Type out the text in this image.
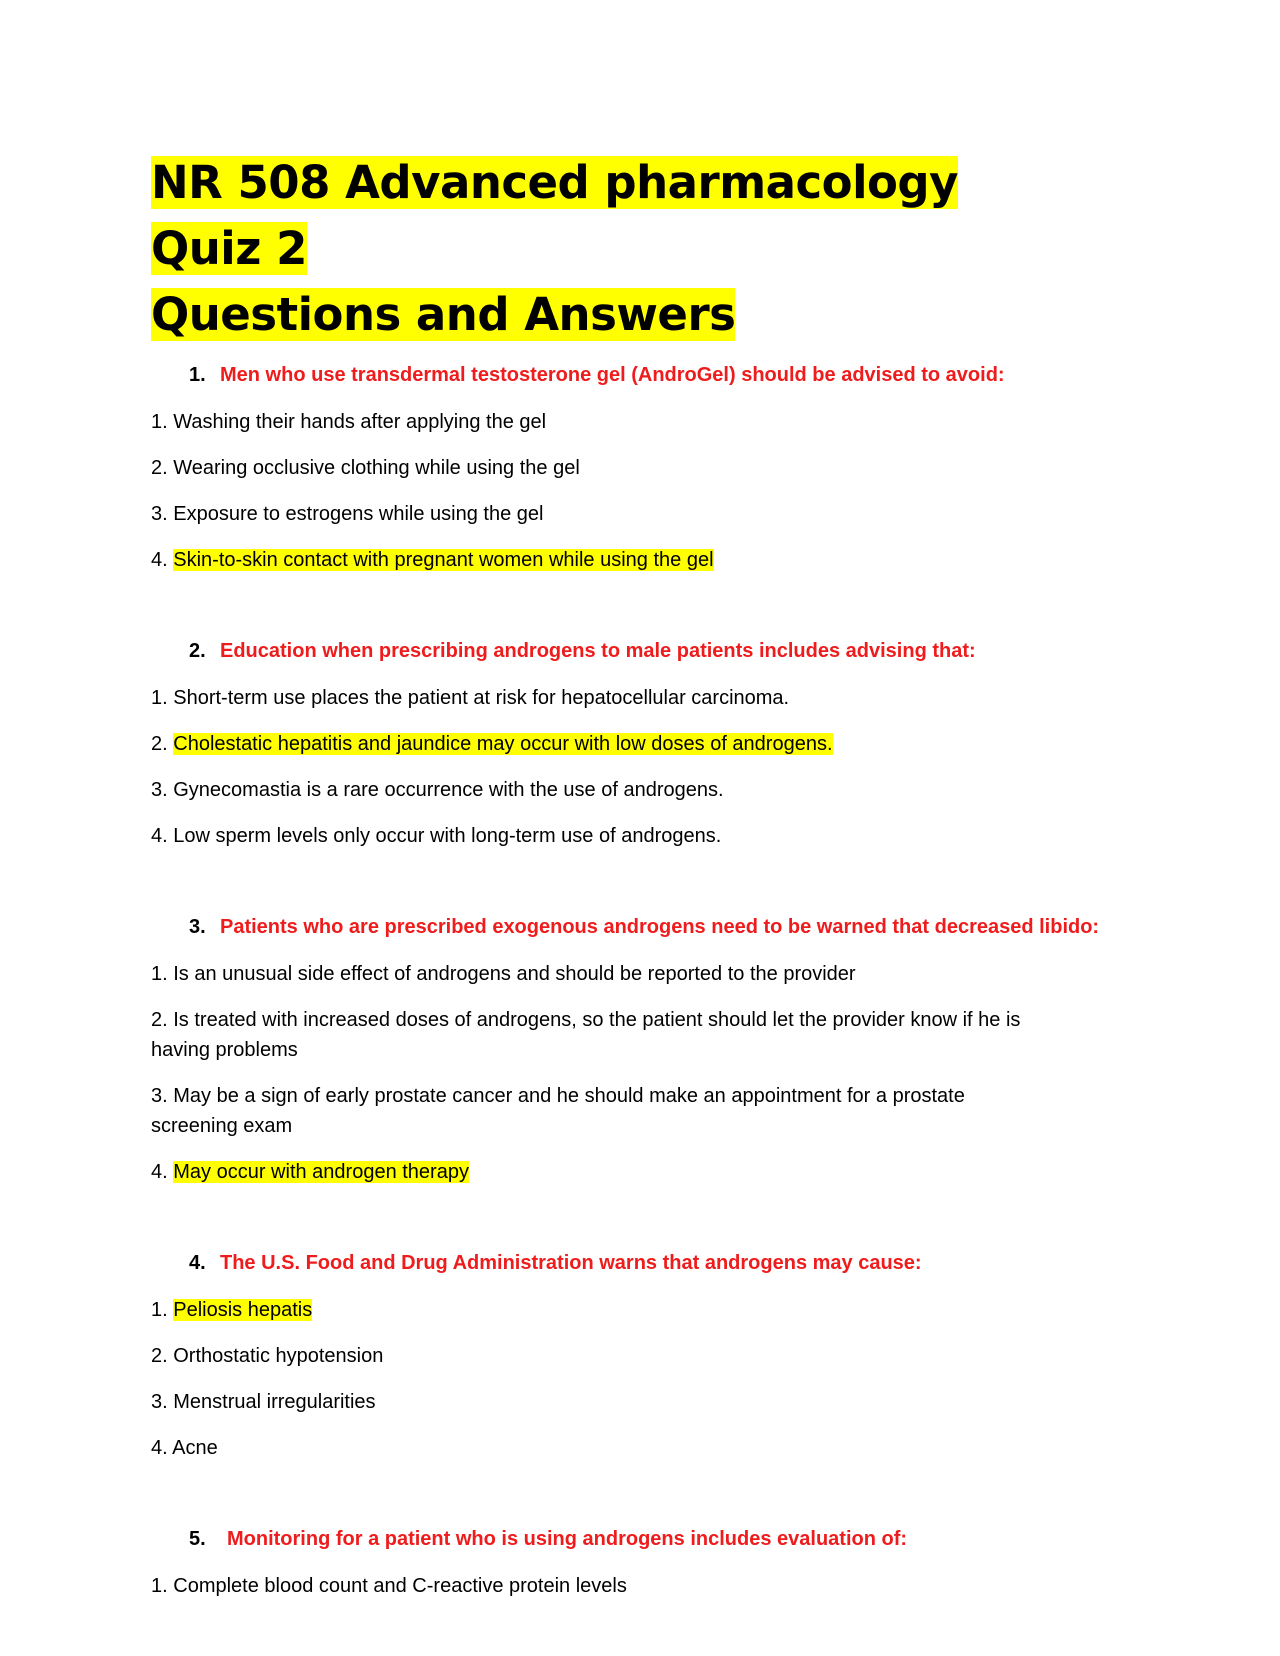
NR 508 Advanced pharmacology Quiz 2
Questions and Answers

1. Men who use transdermal testosterone gel (AndroGel) should be advised to avoid:

1. Washing their hands after applying the gel

2. Wearing occlusive clothing while using the gel

3. Exposure to estrogens while using the gel

4. Skin-to-skin contact with pregnant women while using the gel

2. Education when prescribing androgens to male patients includes advising that:

1. Short-term use places the patient at risk for hepatocellular carcinoma.

2. Cholestatic hepatitis and jaundice may occur with low doses of androgens.

3. Gynecomastia is a rare occurrence with the use of androgens.

4. Low sperm levels only occur with long-term use of androgens.

3. Patients who are prescribed exogenous androgens need to be warned that decreased libido:

1. Is an unusual side effect of androgens and should be reported to the provider

2. Is treated with increased doses of androgens, so the patient should let the provider know if he is having problems

3. May be a sign of early prostate cancer and he should make an appointment for a prostate screening exam

4. May occur with androgen therapy

4. The U.S. Food and Drug Administration warns that androgens may cause:

1. Peliosis hepatis

2. Orthostatic hypotension

3. Menstrual irregularities

4. Acne

5.	Monitoring for a patient who is using androgens includes evaluation of:

1. Complete blood count and C-reactive protein levels
